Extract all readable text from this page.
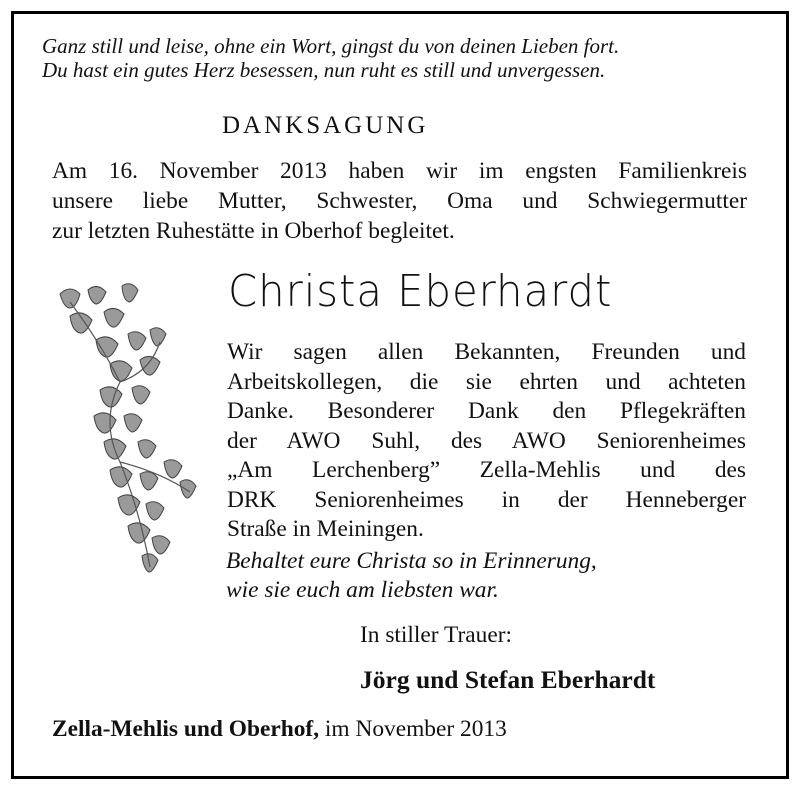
Ganz still und leise, ohne ein Wort, gingst du von deinen Lieben fort.

Du hast ein gutes Herz besessen, nun ruht es still und unvergessen.

DANKSAGUNG

Am 16. November 2013 haben wir im engsten Familienkreis
unsere liebe Mutter, Schwester, Oma und Schwiegermutter
zur letzten Ruhestätte in Oberhof begleitet.

Christa Eberhardt

Wir sagen allen Bekannten, Freunden und
Arbeitskollegen, die sie ehrten und achteten
Danke. Besonderer Dank den Pflegekräften
der AWO Suhl, des AWO Seniorenheimes
„Am Lerchenberg” Zella-Mehlis und des
DRK Seniorenheimes in der Henneberger
Straße in Meiningen.
Behaltet eure Christa so in Erinnerung,
wie sie euch am liebsten war.

In stiller Trauer:

Jörg und Stefan Eberhardt

Zella-Mehlis und Oberhof, im November 2013
